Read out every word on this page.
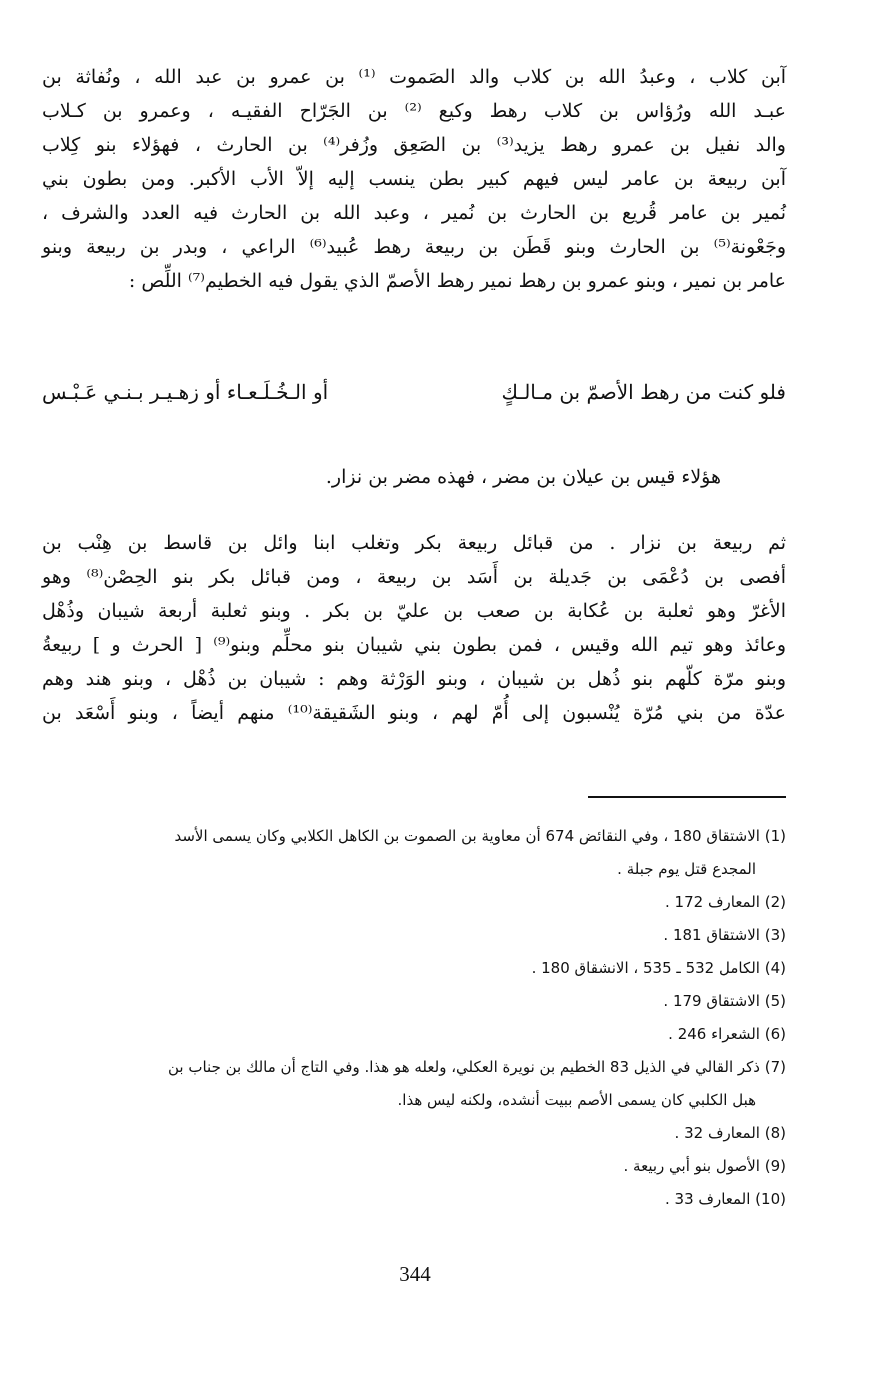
آبن كلاب ، وعبدُ الله بن كلاب والد الصَموت ⁽¹⁾ بن عمرو بن عبد الله ، ونُفاثة بن
عبـد الله ورُؤاس بن كلاب رهط وكيع ⁽²⁾ بن الجَرّاح الفقيـه ، وعمرو بن كـلاب
والد نفيل بن عمرو رهط يزيد⁽³⁾ بن الصَعِق وزُفر⁽⁴⁾ بن الحارث ، فهؤلاء بنو كِلاب
آبن ربيعة بن عامر ليس فيهم كبير بطن ينسب إليه إلاّ الأب الأكبر. ومن بطون بني
نُمير بن عامر قُريع بن الحارث بن نُمير ، وعبد الله بن الحارث فيه العدد والشرف ،
وجَعْونة⁽⁵⁾ بن الحارث وبنو قَطَن بن ربيعة رهط عُبيد⁽⁶⁾ الراعي ، وبدر بن ربيعة وبنو
عامر بن نمير ، وبنو عمرو بن رهط نمير رهط الأصمّ الذي يقول فيه الخطيم⁽⁷⁾ اللِّص :
فلو كنت من رهط الأصمّ بن مـالـكٍ
أو الـخُـلَـعـاء أو زهـيـر بـنـي عَـبْـس
هؤلاء قيس بن عيلان بن مضر ، فهذه مضر بن نزار.
ثم ربيعة بن نزار . من قبائل ربيعة بكر وتغلب ابنا وائل بن قاسط بن هِنْب بن
أفصى بن دُعْمَى بن جَديلة بن أَسَد بن ربيعة ، ومن قبائل بكر بنو الحِصْن⁽⁸⁾ وهو
الأغرّ وهو ثعلبة بن عُكابة بن صعب بن عليّ بن بكر . وبنو ثعلبة أربعة شيبان وذُهْل
وعائذ وهو تيم الله وقيس ، فمن بطون بني شيبان بنو محلِّم وبنو⁽⁹⁾ [ الحرث و ] ربيعةُ
وبنو مرّة كلّهم بنو ذُهل بن شيبان ، وبنو الوَرْثة وهم : شيبان بن ذُهْل ، وبنو هند وهم
عدّة من بني مُرّة يُنْسبون إلى أُمّ لهم ، وبنو الشَقيقة⁽¹⁰⁾ منهم أيضاً ، وبنو أَسْعَد بن
(1) الاشتقاق 180 ، وفي النقائض 674 أن معاوية بن الصموت بن الكاهل الكلابي وكان يسمى الأسد
المجدع قتل يوم جبلة .
(2) المعارف 172 .
(3) الاشتقاق 181 .
(4) الكامل 532 ـ 535 ، الانشقاق 180 .
(5) الاشتقاق 179 .
(6) الشعراء 246 .
(7) ذكر القالي في الذيل 83 الخطيم بن نويرة العكلي، ولعله هو هذا. وفي التاج أن مالك بن جناب بن
هبل الكلبي كان يسمى الأصم ببيت أنشده، ولكنه ليس هذا.
(8) المعارف 32 .
(9) الأصول بنو أبي ربيعة .
(10) المعارف 33 .
344
